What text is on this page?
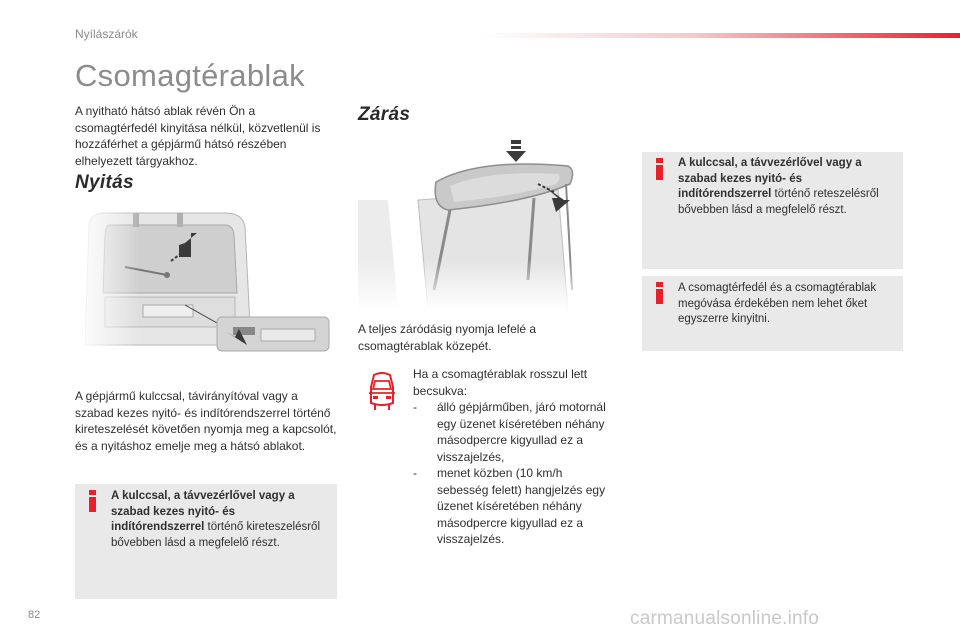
Nyílászárók
Csomagtérablak
A nyitható hátsó ablak révén Ön a csomagtérfedél kinyitása nélkül, közvetlenül is hozzáférhet a gépjármű hátsó részében elhelyezett tárgyakhoz.
Nyitás
A gépjármű kulccsal, távirányítóval vagy a szabad kezes nyitó- és indítórendszerrel történő kireteszelését követően nyomja meg a kapcsolót, és a nyitáshoz emelje meg a hátsó ablakot.
A kulccsal, a távvezérlővel vagy a szabad kezes nyitó- és indítórendszerrel történő kireteszelésről bővebben lásd a megfelelő részt.
Zárás
A teljes záródásig nyomja lefelé a csomagtérablak közepét.
Ha a csomagtérablak rosszul lett becsukva:
- álló gépjárműben, járó motornál egy üzenet kíséretében néhány másodpercre kigyullad ez a visszajelzés,
- menet közben (10 km/h sebesség felett) hangjelzés egy üzenet kíséretében néhány másodpercre kigyullad ez a visszajelzés.
A kulccsal, a távvezérlővel vagy a szabad kezes nyitó- és indítórendszerrel történő reteszelésről bővebben lásd a megfelelő részt.
A csomagtérfedél és a csomagtérablak megóvása érdekében nem lehet őket egyszerre kinyitni.
82	carmanualsonline.info
